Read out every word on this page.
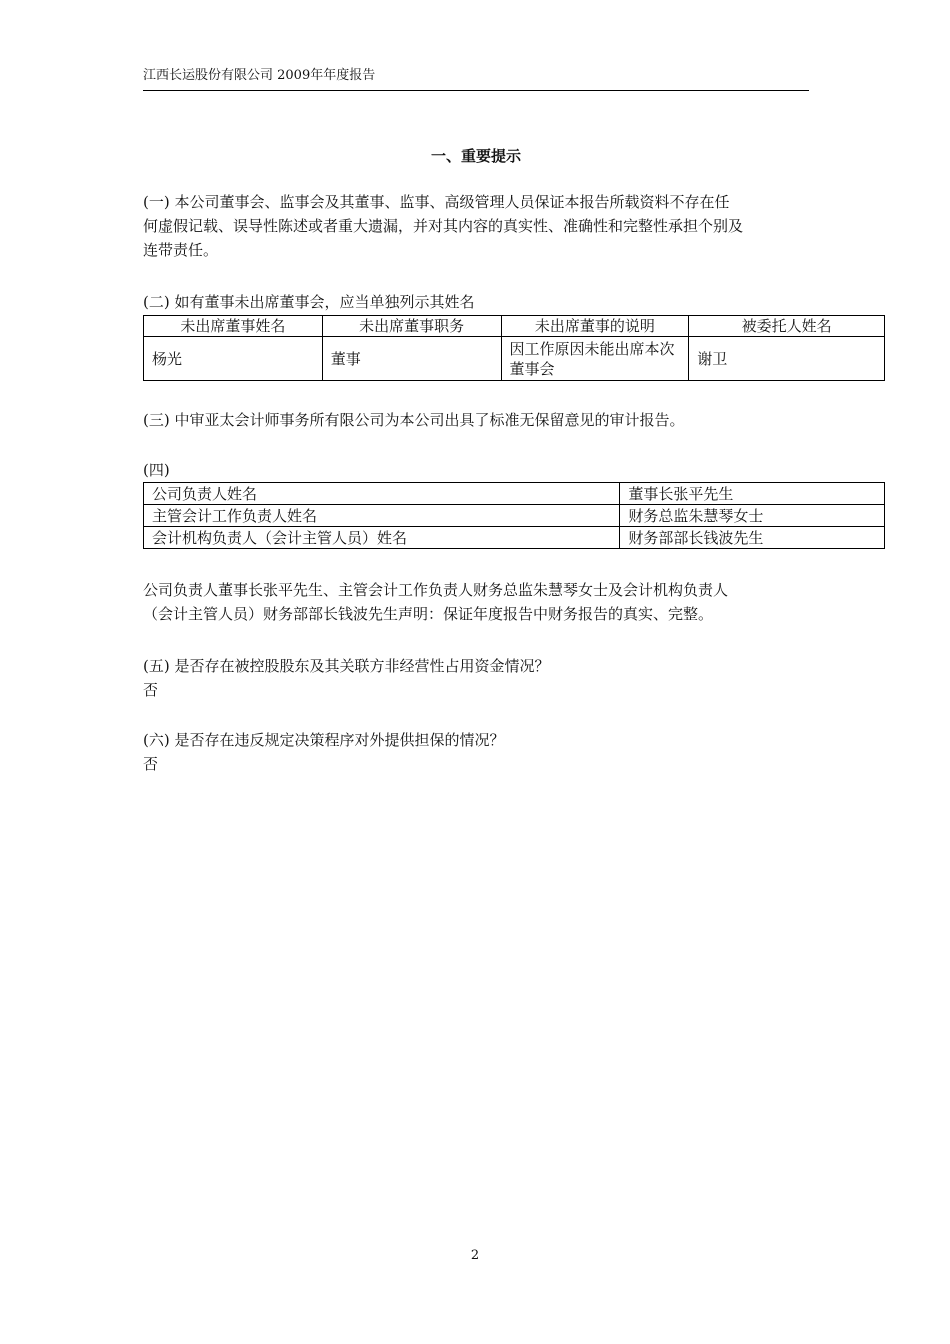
江西长运股份有限公司 2009年年度报告
一、重要提示
(一) 本公司董事会、监事会及其董事、监事、高级管理人员保证本报告所载资料不存在任
何虚假记载、误导性陈述或者重大遗漏，并对其内容的真实性、准确性和完整性承担个别及
连带责任。
(二) 如有董事未出席董事会，应当单独列示其姓名
未出席董事姓名	未出席董事职务	未出席董事的说明	被委托人姓名
杨光	董事	因工作原因未能出席本次董事会	谢卫
(三) 中审亚太会计师事务所有限公司为本公司出具了标准无保留意见的审计报告。
(四)
公司负责人姓名	董事长张平先生
主管会计工作负责人姓名	财务总监朱慧琴女士
会计机构负责人（会计主管人员）姓名	财务部部长钱波先生
公司负责人董事长张平先生、主管会计工作负责人财务总监朱慧琴女士及会计机构负责人
（会计主管人员）财务部部长钱波先生声明：保证年度报告中财务报告的真实、完整。
(五) 是否存在被控股股东及其关联方非经营性占用资金情况？
否
(六) 是否存在违反规定决策程序对外提供担保的情况？
否
2
